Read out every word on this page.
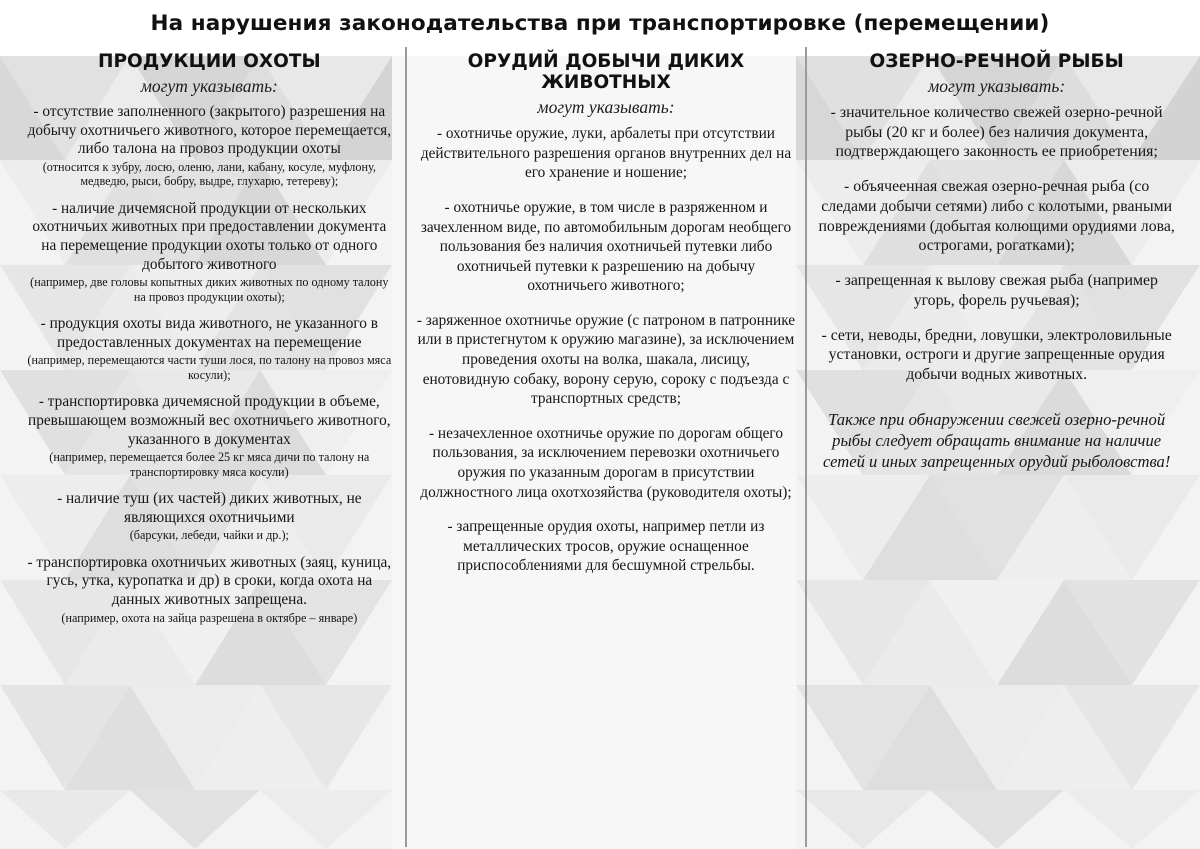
На нарушения законодательства при транспортировке (перемещении)
ПРОДУКЦИИ ОХОТЫ
могут указывать:
- отсутствие заполненного (закрытого) разрешения на добычу охотничьего животного, которое перемещается, либо талона на провоз продукции охоты
(относится к зубру, лосю, оленю, лани, кабану, косуле, муфлону, медведю, рыси, бобру, выдре, глухарю, тетереву);
- наличие дичемясной продукции от нескольких охотничьих животных при предоставлении документа на перемещение продукции охоты только от одного добытого животного
(например, две головы копытных диких животных по одному талону на провоз продукции охоты);
- продукция охоты вида животного, не указанного в предоставленных документах на перемещение
(например, перемещаются части туши лося, по талону на провоз мяса косули);
- транспортировка дичемясной продукции в объеме, превышающем возможный вес охотничьего животного, указанного в документах
(например, перемещается более 25 кг мяса дичи по талону на транспортировку мяса косули)
- наличие туш (их частей) диких животных, не являющихся охотничьими
(барсуки, лебеди, чайки и др.);
- транспортировка охотничьих животных (заяц, куница, гусь, утка, куропатка и др) в сроки, когда охота на данных животных запрещена.
(например, охота на зайца разрешена в октябре – январе)
ОРУДИЙ ДОБЫЧИ ДИКИХ ЖИВОТНЫХ
могут указывать:
- охотничье оружие, луки, арбалеты при отсутствии действительного разрешения органов внутренних дел на его хранение и ношение;
- охотничье оружие, в том числе в разряженном и зачехленном виде, по автомобильным дорогам необщего пользования без наличия охотничьей путевки либо охотничьей путевки к разрешению на добычу охотничьего животного;
- заряженное охотничье оружие (с патроном в патроннике или в пристегнутом к оружию магазине), за исключением проведения охоты на волка, шакала, лисицу, енотовидную собаку, ворону серую, сороку с подъезда с транспортных средств;
- незачехленное охотничье оружие по дорогам общего пользования, за исключением перевозки охотничьего оружия по указанным дорогам в присутствии должностного лица охотхозяйства (руководителя охоты);
- запрещенные орудия охоты, например петли из металлических тросов, оружие оснащенное приспособлениями для бесшумной стрельбы.
ОЗЕРНО-РЕЧНОЙ РЫБЫ
могут указывать:
- значительное количество свежей озерно-речной рыбы (20 кг и более) без наличия документа, подтверждающего законность ее приобретения;
- объячеенная свежая озерно-речная рыба (со следами добычи сетями) либо с колотыми, рваными повреждениями (добытая колющими орудиями лова, острогами, рогатками);
- запрещенная к вылову свежая рыба (например угорь, форель ручьевая);
- сети, неводы, бредни, ловушки, электроловильные установки, остроги и другие запрещенные орудия добычи водных животных.
Также при обнаружении свежей озерно-речной рыбы следует обращать внимание на наличие сетей и иных запрещенных орудий рыболовства!
